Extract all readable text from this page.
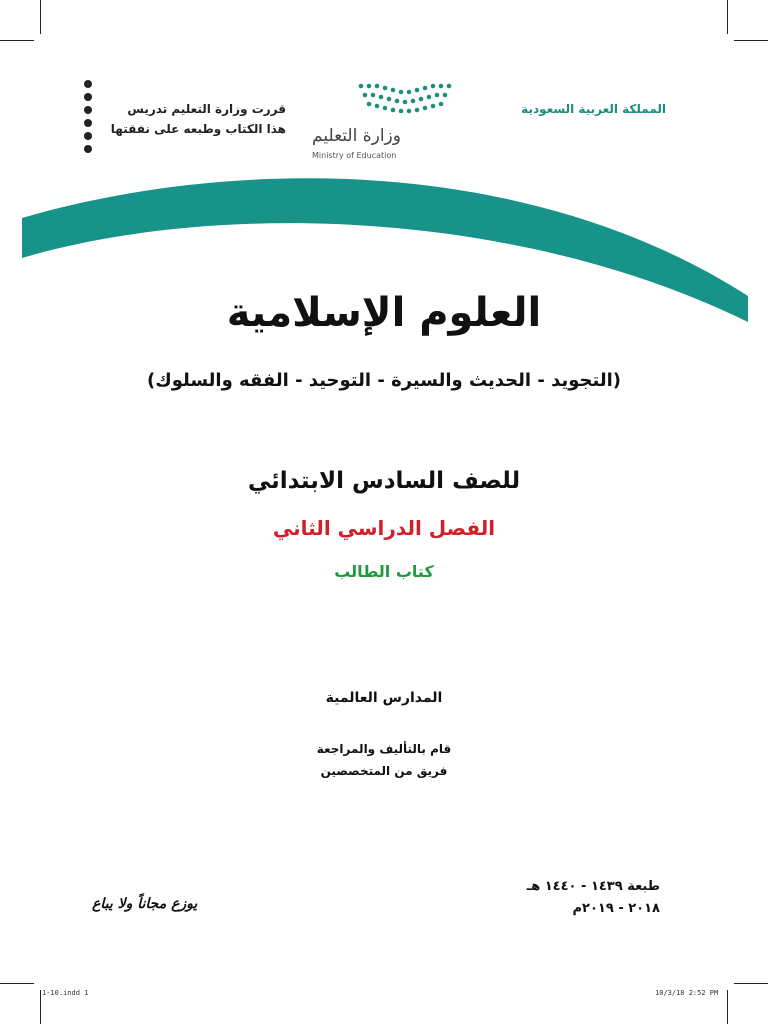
المملكة العربية السعودية
وزارة التعليم
Ministry of Education
قررت وزارة التعليم تدريس
هذا الكتاب وطبعه على نفقتها
العلوم الإسلامية
(التجويد - الحديث والسيرة - التوحيد - الفقه والسلوك)
للصف السادس الابتدائي
الفصل الدراسي الثاني
كتاب الطالب
المدارس العالمية
قام بالتأليف والمراجعة
فريق من المتخصصين
طبعة ١٤٣٩ - ١٤٤٠ هـ
٢٠١٨ - ٢٠١٩م
يوزع مجاناً ولا يباع
1-10.indd 1	10/3/18 2:52 PM
